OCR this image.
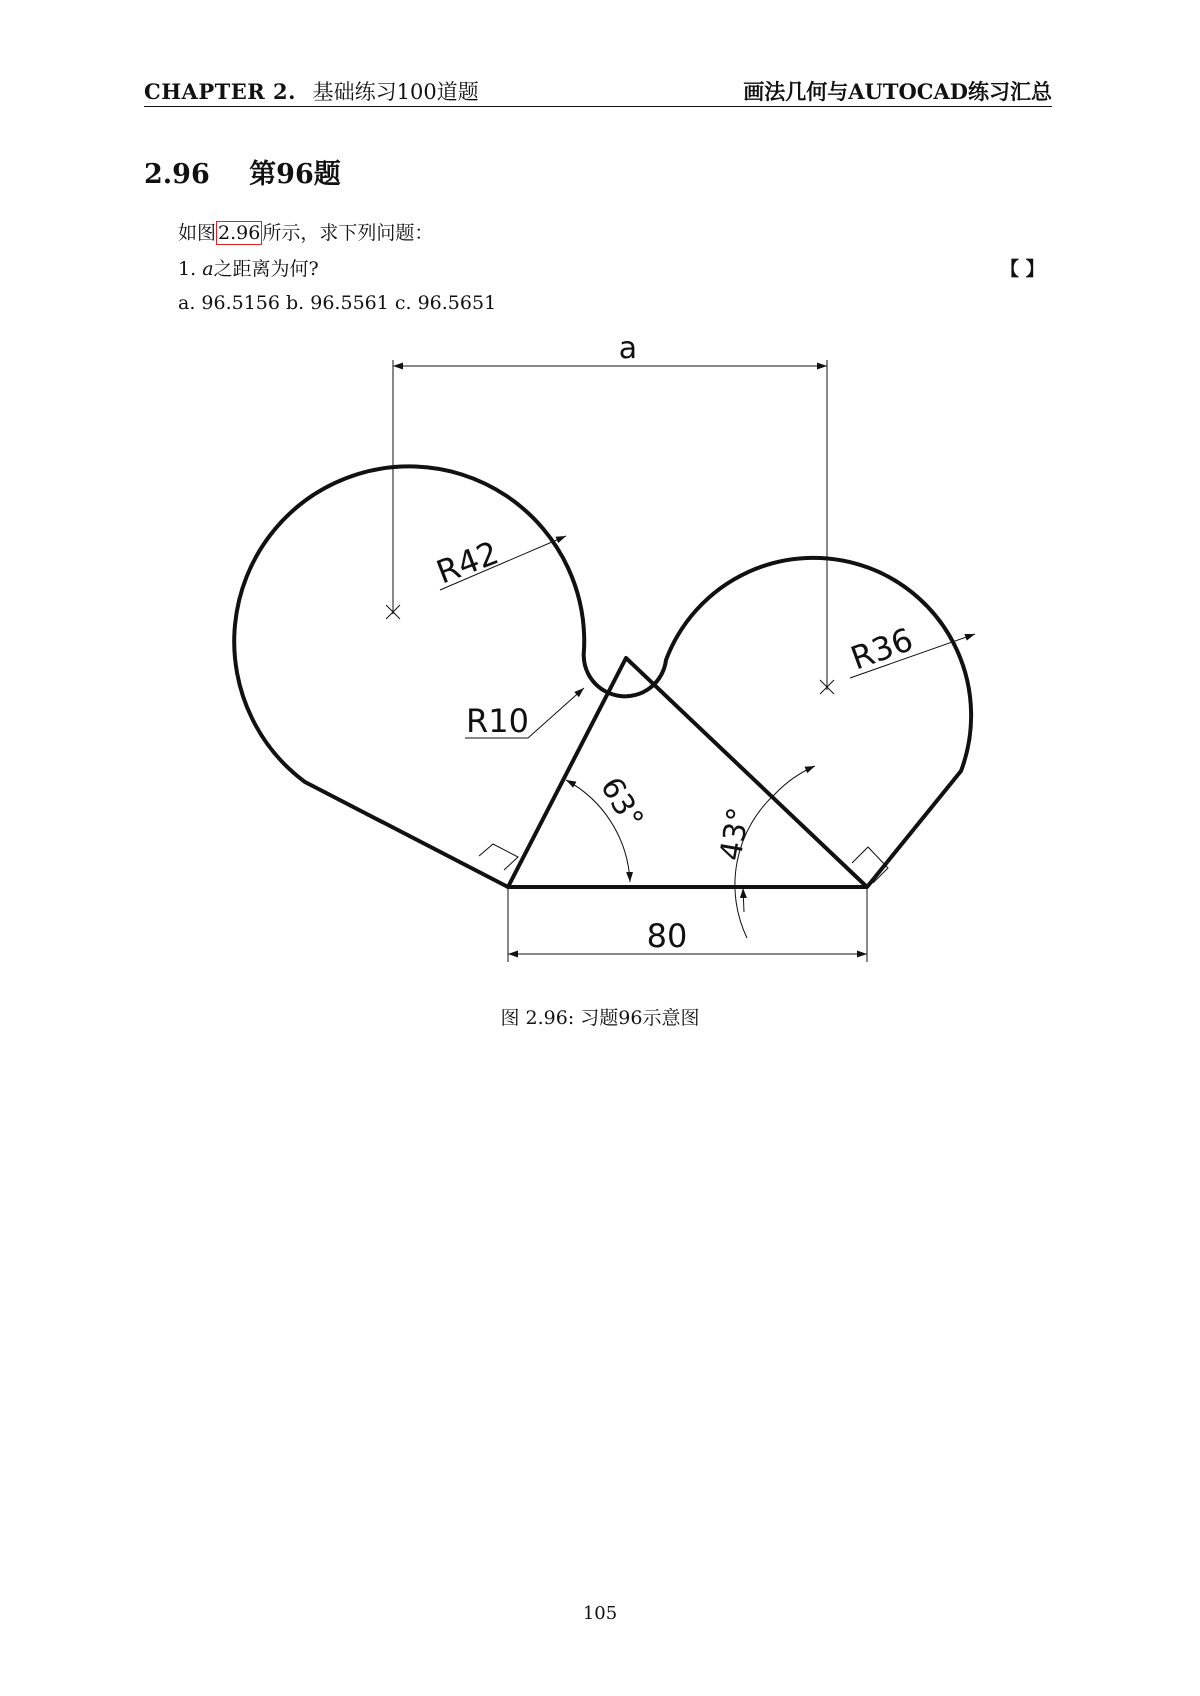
CHAPTER 2. 基础练习100道题	画法几何与AUTOCAD练习汇总
2.96 第96题
如图 2.96 所示，求下列问题：
1. a之距离为何?	【 】
a. 96.5156 b. 96.5561 c. 96.5651
a
R42
R36
R10
63° 43°
80
图 2.96: 习题96示意图
105
